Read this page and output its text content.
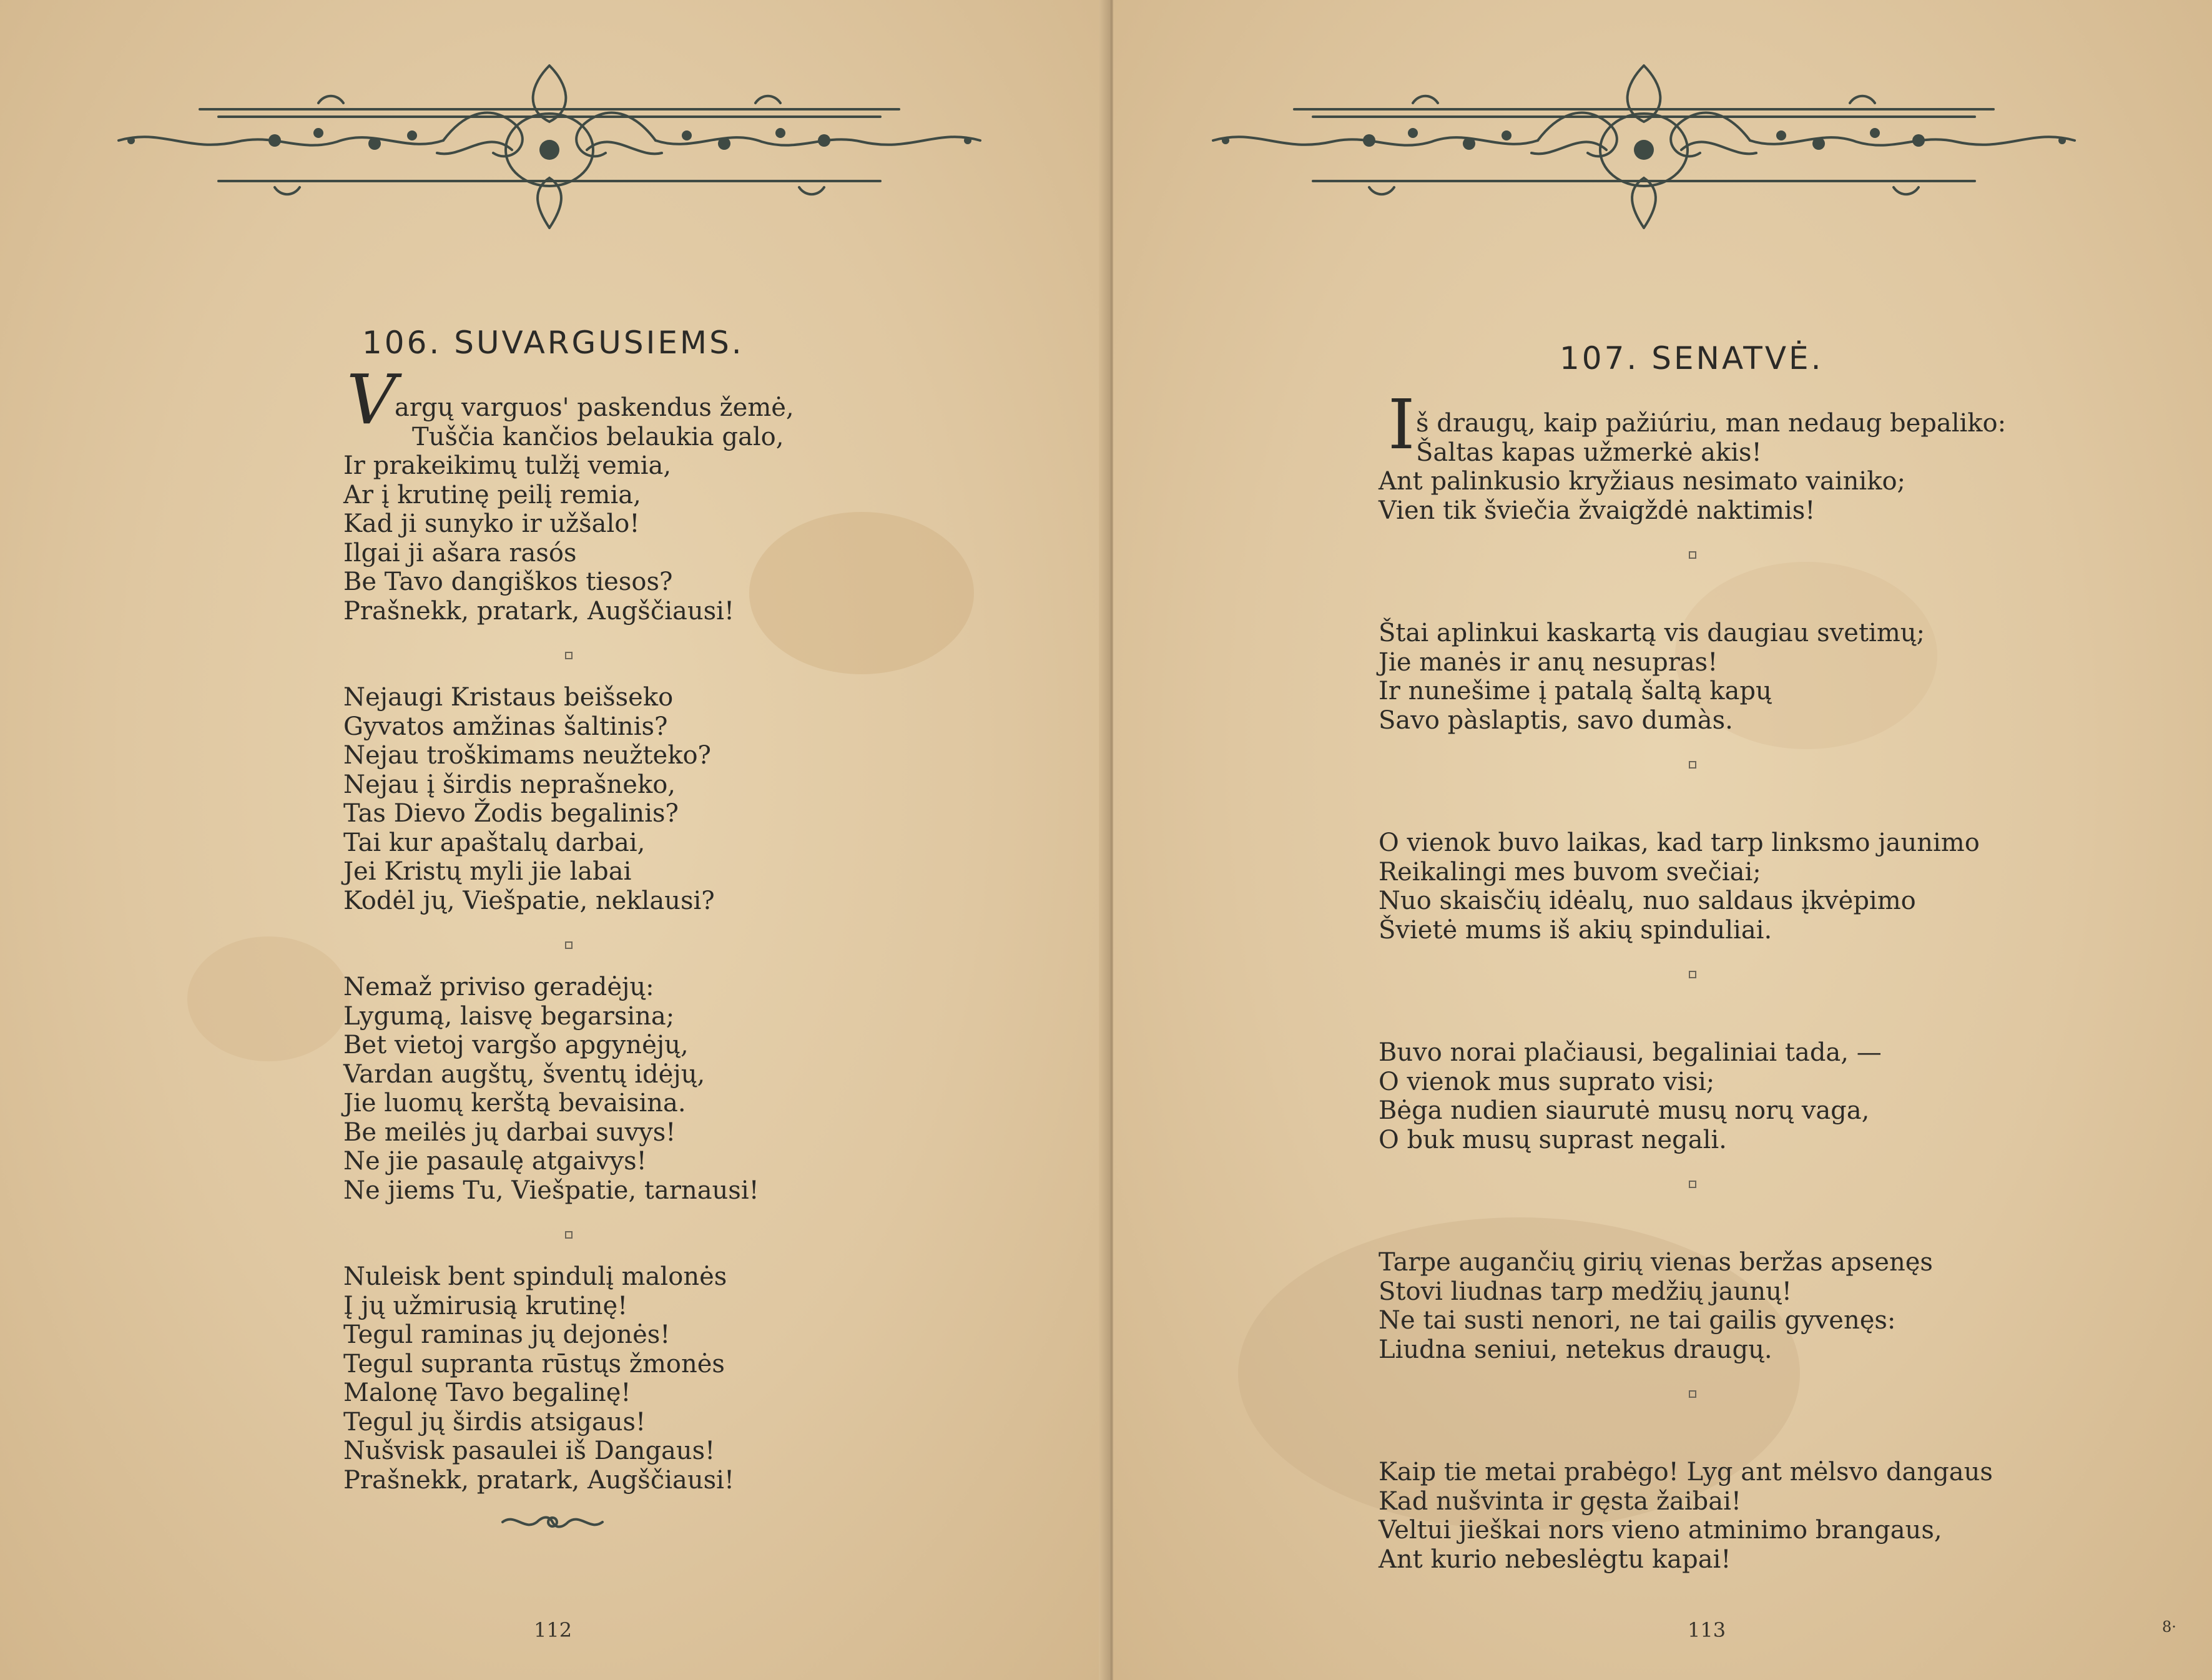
106. SUVARGUSIEMS.
V
argų varguos' paskendus žemė,
Tuščia kančios belaukia galo,
Ir prakeikimų tulžį vemia,
Ar į krutinę peilį remia,
Kad ji sunyko ir užšalo!
Ilgai ji ašara rasós
Be Tavo dangiškos tiesos?
Prašnekk, pratark, Augščiausi!
Nejaugi Kristaus beišseko
Gyvatos amžinas šaltinis?
Nejau troškimams neužteko?
Nejau į širdis neprašneko,
Tas Dievo Žodis begalinis?
Tai kur apaštalų darbai,
Jei Kristų myli jie labai
Kodėl jų, Viešpatie, neklausi?
Nemaž priviso geradėjų:
Lygumą, laisvę begarsina;
Bet vietoj vargšo apgynėjų,
Vardan augštų, šventų idėjų,
Jie luomų kerštą bevaisina.
Be meilės jų darbai suvys!
Ne jie pasaulę atgaivys!
Ne jiems Tu, Viešpatie, tarnausi!
Nuleisk bent spindulį malonės
Į jų užmirusią krutinę!
Tegul raminas jų dejonės!
Tegul supranta rūstųs žmonės
Malonę Tavo begalinę!
Tegul jų širdis atsigaus!
Nušvisk pasaulei iš Dangaus!
Prašnekk, pratark, Augščiausi!
112
107. SENATVĖ.
I š draugų, kaip pažiúriu, man nedaug bepaliko:
Šaltas kapas užmerkė akis!
Ant palinkusio kryžiaus nesimato vainiko;
Vien tik šviečia žvaigždė naktimis!
Štai aplinkui kaskartą vis daugiau svetimų;
Jie manės ir anų nesupras!
Ir nunešime į patalą šaltą kapų
Savo pàslaptis, savo dumàs.
O vienok buvo laikas, kad tarp linksmo jaunimo
Reikalingi mes buvom svečiai;
Nuo skaisčių idėalų, nuo saldaus įkvėpimo
Švietė mums iš akių spinduliai.
Buvo norai plačiausi, begaliniai tada, —
O vienok mus suprato visi;
Bėga nudien siaurutė musų norų vaga,
O buk musų suprast negali.
Tarpe augančių girių vienas beržas apsenęs
Stovi liudnas tarp medžių jaunų!
Ne tai susti nenori, ne tai gailis gyvenęs:
Liudna seniui, netekus draugų.
Kaip tie metai prabėgo! Lyg ant mėlsvo dangaus
Kad nušvinta ir gęsta žaibai!
Veltui jieškai nors vieno atminimo brangaus,
Ant kurio nebeslėgtu kapai!
113	8·
